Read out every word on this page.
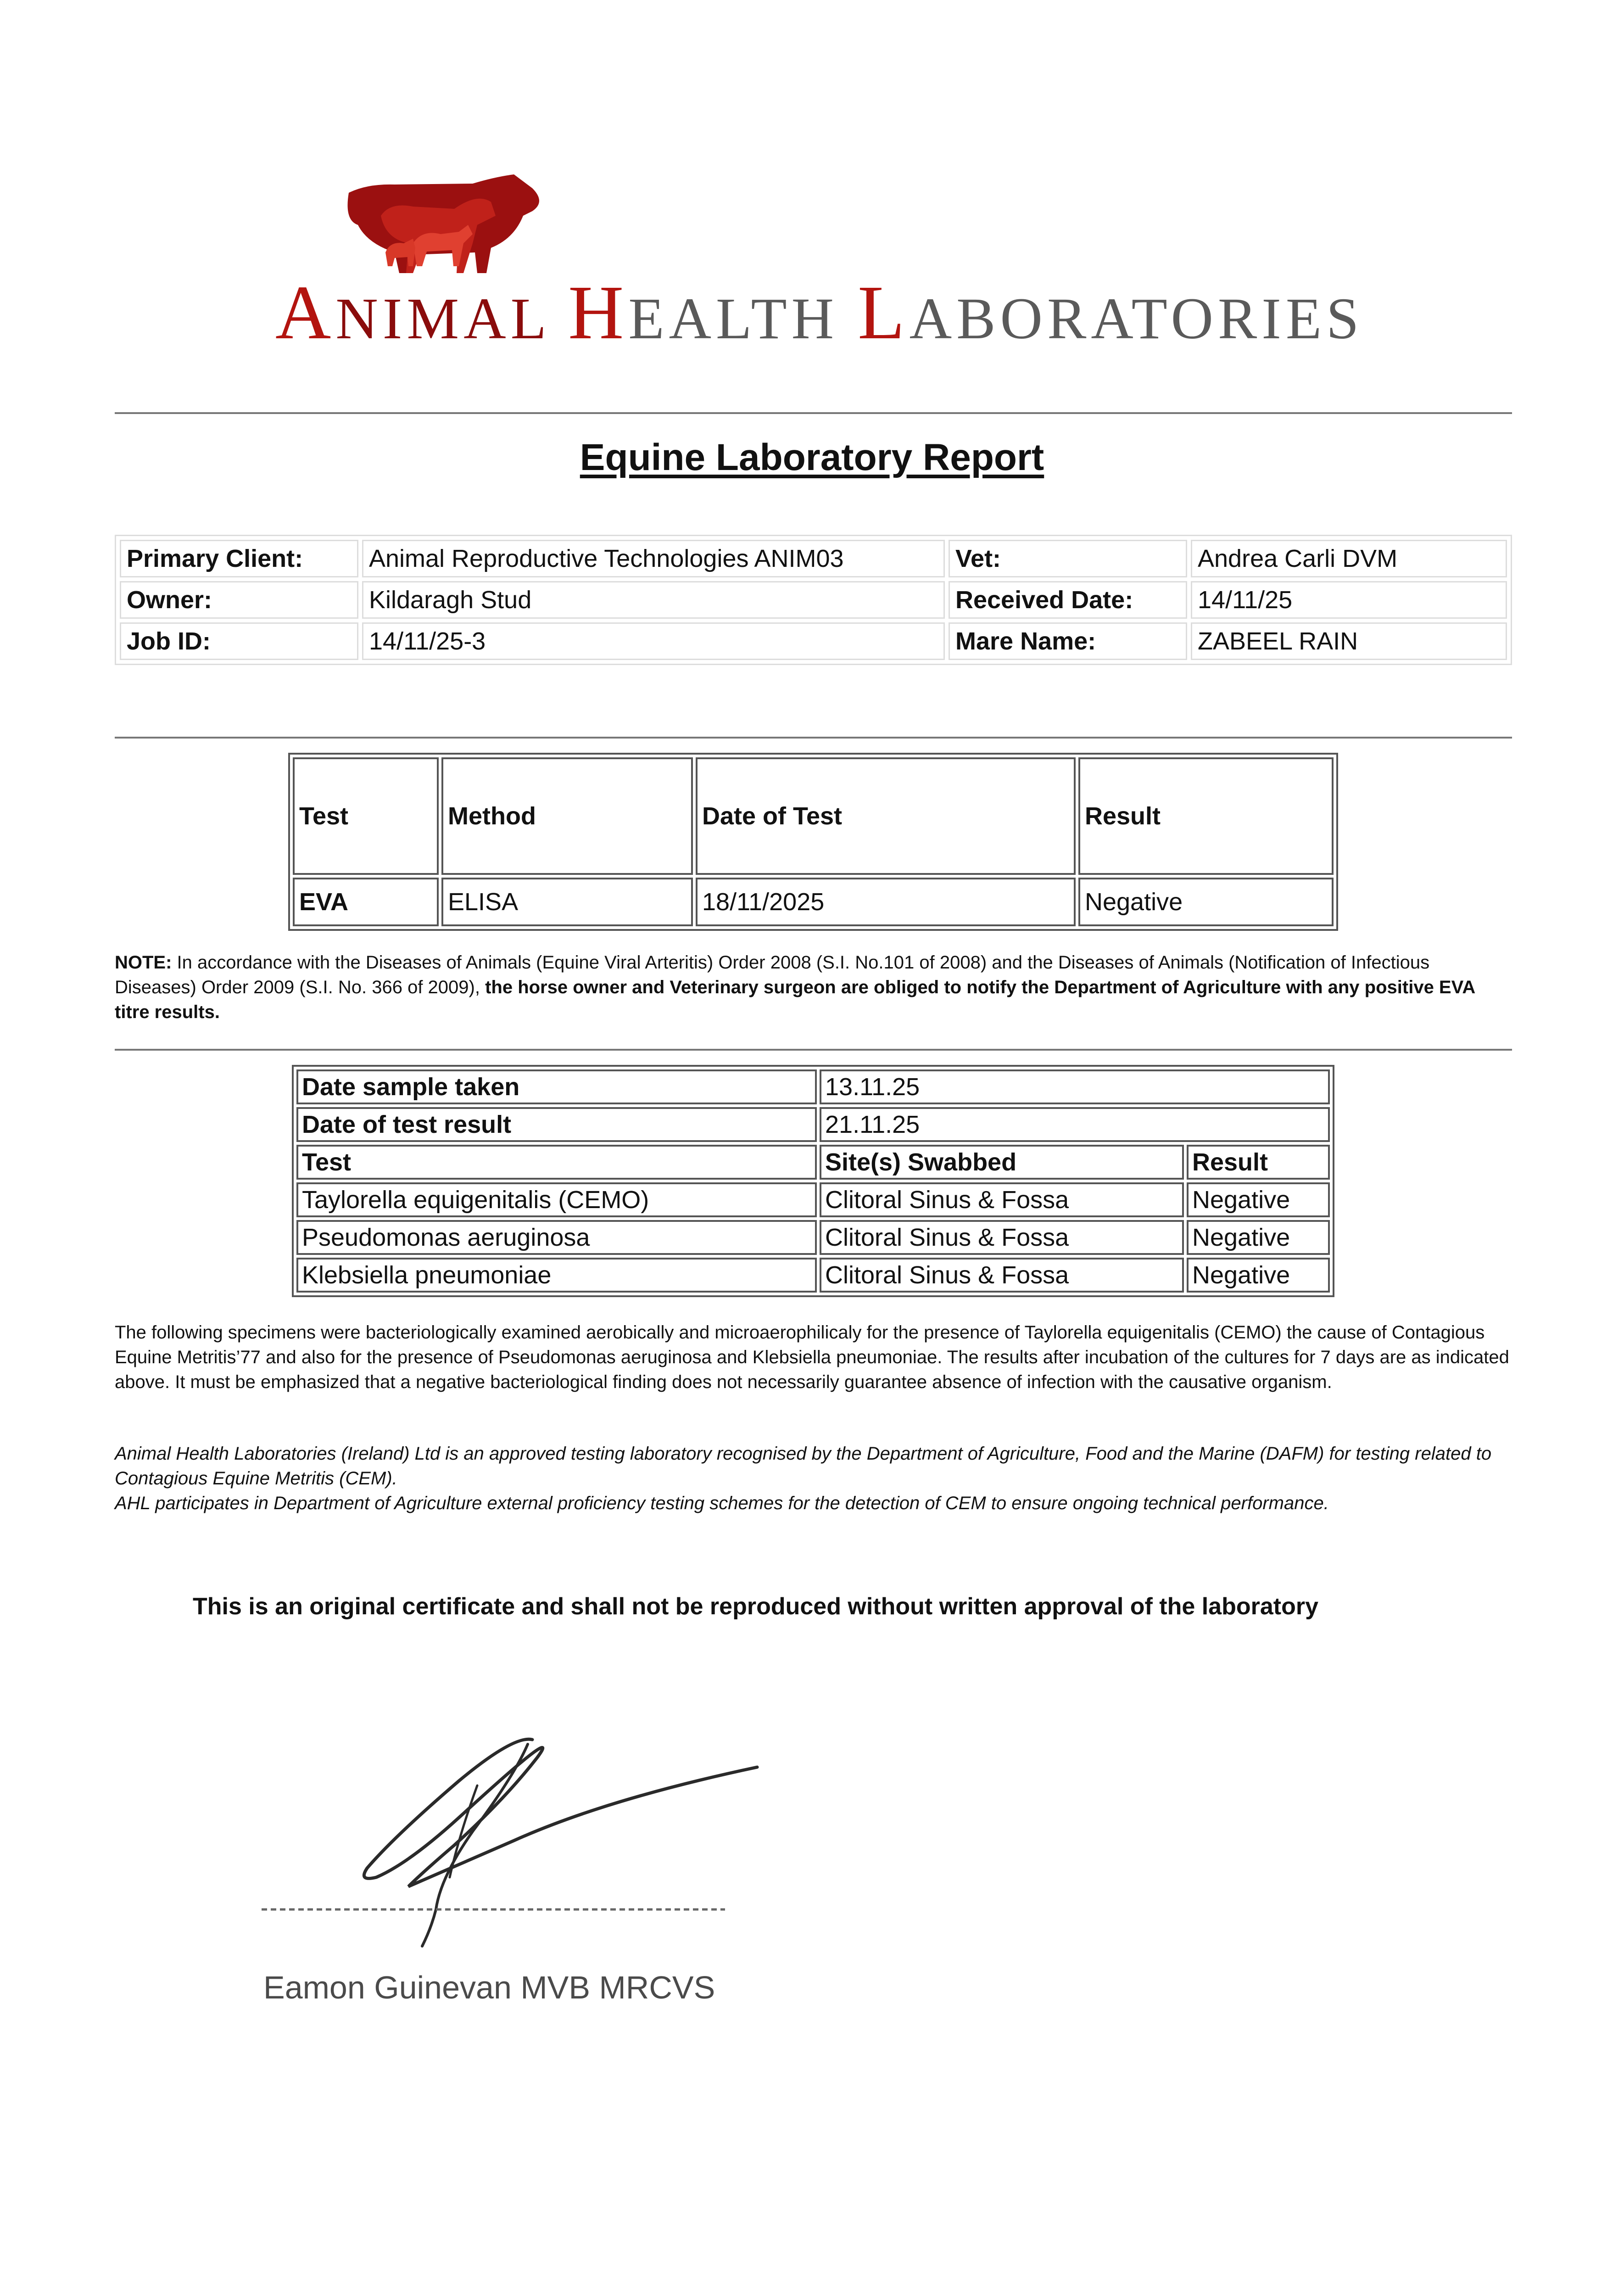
ANIMAL HEALTH LABORATORIES
Equine Laboratory Report
Primary Client:	Animal Reproductive Technologies ANIM03	Vet:	Andrea Carli DVM
Owner:	Kildaragh Stud	Received Date:	14/11/25
Job ID:	14/11/25-3	Mare Name:	ZABEEL RAIN
Test	Method	Date of Test	Result
EVA	ELISA	18/11/2025	Negative
NOTE: In accordance with the Diseases of Animals (Equine Viral Arteritis) Order 2008 (S.I. No.101 of 2008) and the Diseases of Animals (Notification of Infectious Diseases) Order 2009 (S.I. No. 366 of 2009), the horse owner and Veterinary surgeon are obliged to notify the Department of Agriculture with any positive EVA titre results.
Date sample taken	13.11.25	
Date of test result	21.11.25	
Test	Site(s) Swabbed	Result
Taylorella equigenitalis (CEMO)	Clitoral Sinus & Fossa	Negative
Pseudomonas aeruginosa	Clitoral Sinus & Fossa	Negative
Klebsiella pneumoniae	Clitoral Sinus & Fossa	Negative
The following specimens were bacteriologically examined aerobically and microaerophilicaly for the presence of Taylorella equigenitalis (CEMO) the cause of Contagious Equine Metritis’77 and also for the presence of Pseudomonas aeruginosa and Klebsiella pneumoniae. The results after incubation of the cultures for 7 days are as indicated above. It must be emphasized that a negative bacteriological finding does not necessarily guarantee absence of infection with the causative organism.
Animal Health Laboratories (Ireland) Ltd is an approved testing laboratory recognised by the Department of Agriculture, Food and the Marine (DAFM) for testing related to Contagious Equine Metritis (CEM).
AHL participates in Department of Agriculture external proficiency testing schemes for the detection of CEM to ensure ongoing technical performance.
This is an original certificate and shall not be reproduced without written approval of the laboratory
Eamon Guinevan MVB MRCVS
